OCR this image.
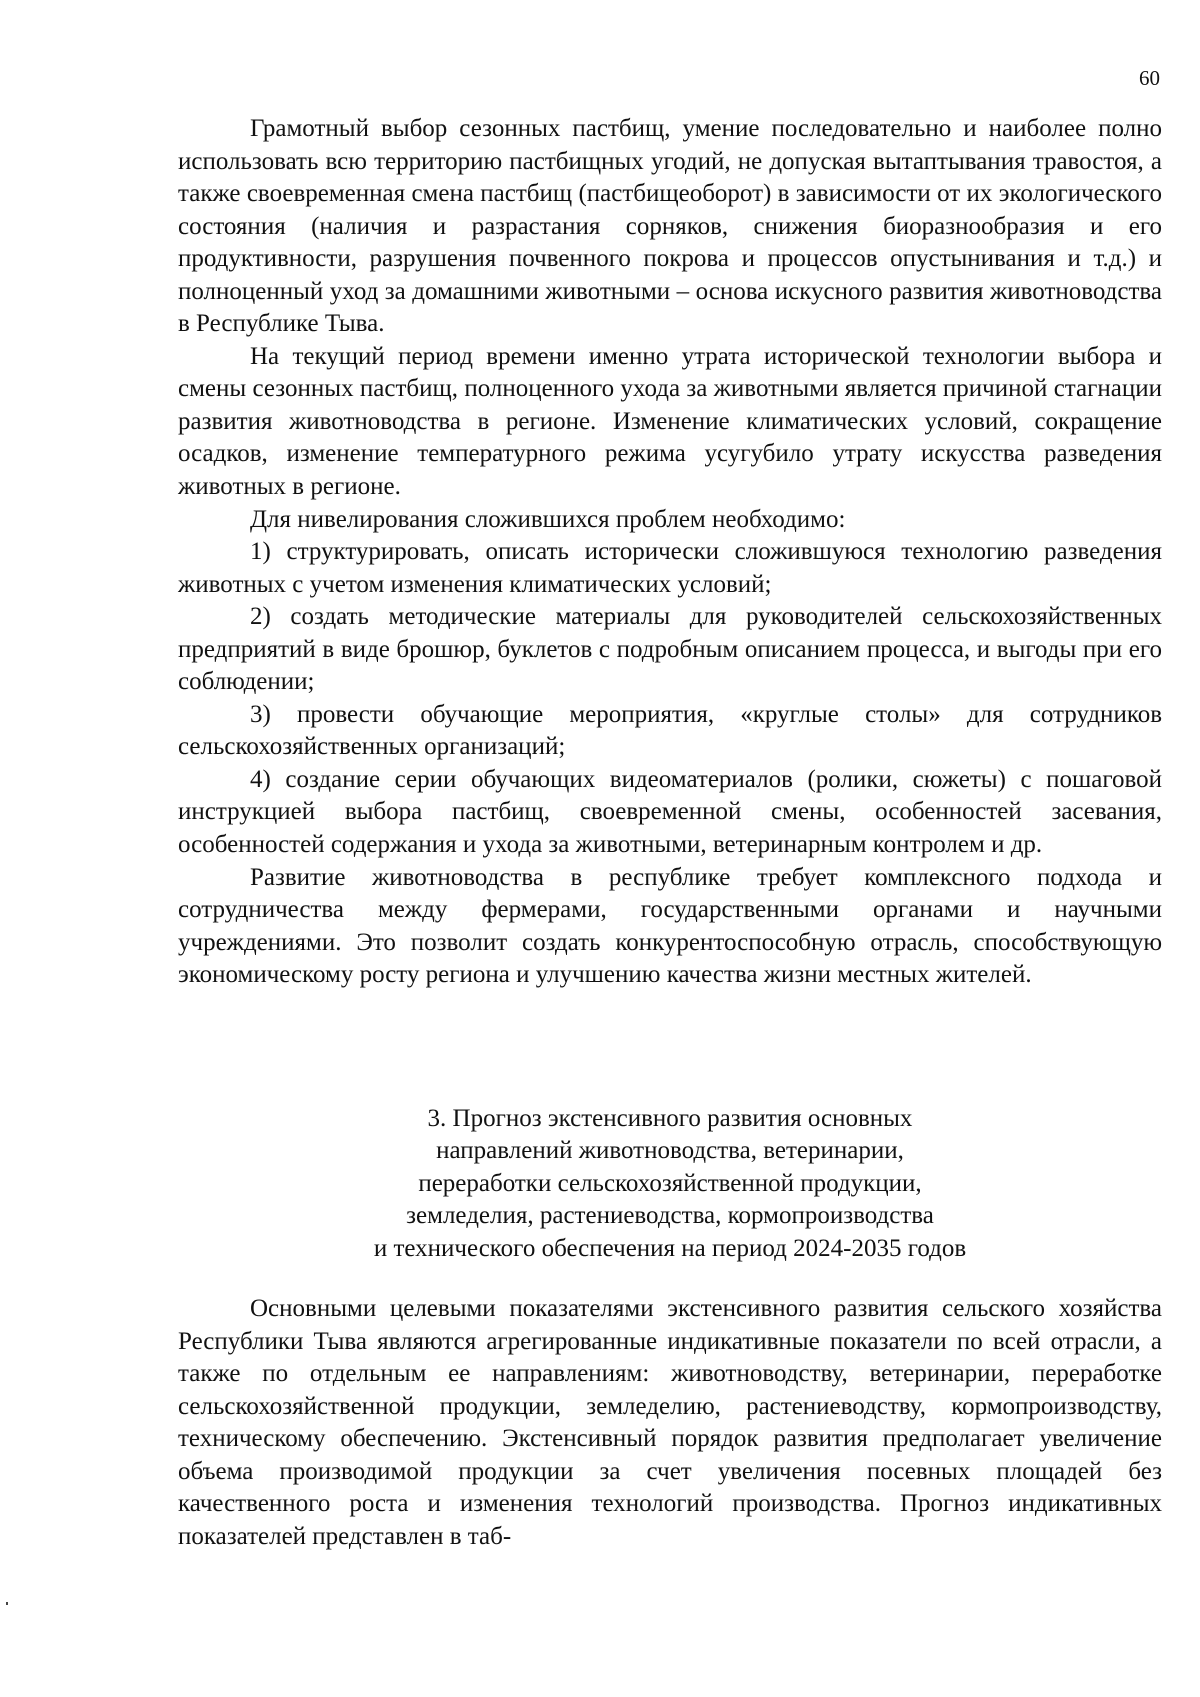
60

Грамотный выбор сезонных пастбищ, умение последовательно и наиболее полно использовать всю территорию пастбищных угодий, не допуская вытаптывания травостоя, а также своевременная смена пастбищ (пастбищеоборот) в зависимости от их экологического состояния (наличия и разрастания сорняков, снижения биоразнообразия и его продуктивности, разрушения почвенного покрова и процессов опустынивания и т.д.) и полноценный уход за домашними животными – основа искусного развития животноводства в Республике Тыва.

На текущий период времени именно утрата исторической технологии выбора и смены сезонных пастбищ, полноценного ухода за животными является причиной стагнации развития животноводства в регионе. Изменение климатических условий, сокращение осадков, изменение температурного режима усугубило утрату искусства разведения животных в регионе.

Для нивелирования сложившихся проблем необходимо:

1) структурировать, описать исторически сложившуюся технологию разведения животных с учетом изменения климатических условий;

2) создать методические материалы для руководителей сельскохозяйственных предприятий в виде брошюр, буклетов с подробным описанием процесса, и выгоды при его соблюдении;

3) провести обучающие мероприятия, «круглые столы» для сотрудников сельскохозяйственных организаций;

4) создание серии обучающих видеоматериалов (ролики, сюжеты) с пошаговой инструкцией выбора пастбищ, своевременной смены, особенностей засевания, особенностей содержания и ухода за животными, ветеринарным контролем и др.

Развитие животноводства в республике требует комплексного подхода и сотрудничества между фермерами, государственными органами и научными учреждениями. Это позволит создать конкурентоспособную отрасль, способствующую экономическому росту региона и улучшению качества жизни местных жителей.

3. Прогноз экстенсивного развития основных
направлений животноводства, ветеринарии,
переработки сельскохозяйственной продукции,
земледелия, растениеводства, кормопроизводства
и технического обеспечения на период 2024-2035 годов

Основными целевыми показателями экстенсивного развития сельского хозяйства Республики Тыва являются агрегированные индикативные показатели по всей отрасли, а также по отдельным ее направлениям: животноводству, ветеринарии, переработке сельскохозяйственной продукции, земледелию, растениеводству, кормопроизводству, техническому обеспечению. Экстенсивный порядок развития предполагает увеличение объема производимой продукции за счет увеличения посевных площадей без качественного роста и изменения технологий производства. Прогноз индикативных показателей представлен в таб-
